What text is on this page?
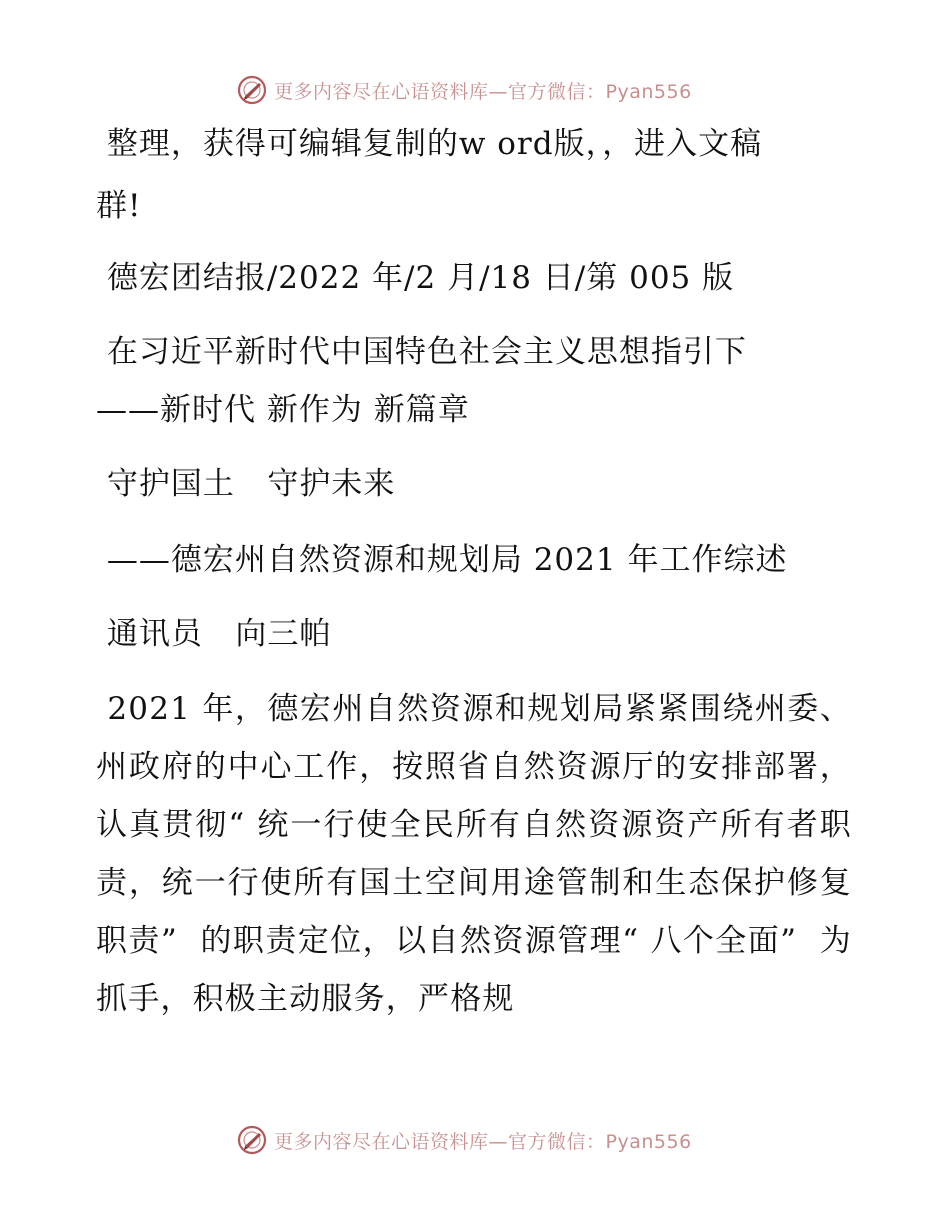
更多内容尽在心语资料库—官方微信：Pyan556
整理，获得可编辑复制的w ord版，，进入文稿
群!
德宏团结报/2022 年/2 月/18 日/第 005 版
在习近平新时代中国特色社会主义思想指引下
——新时代 新作为 新篇章
守护国土   守护未来
——德宏州自然资源和规划局 2021 年工作综述
通讯员   向三帕
2021 年，德宏州自然资源和规划局紧紧围绕州委、州政府的中心工作，按照省自然资源厅的安排部署，认真贯彻“ 统一行使全民所有自然资源资产所有者职责，统一行使所有国土空间用途管制和生态保护修复职责”  的职责定位，以自然资源管理“ 八个全面”  为抓手，积极主动服务，严格规
更多内容尽在心语资料库—官方微信：Pyan556
